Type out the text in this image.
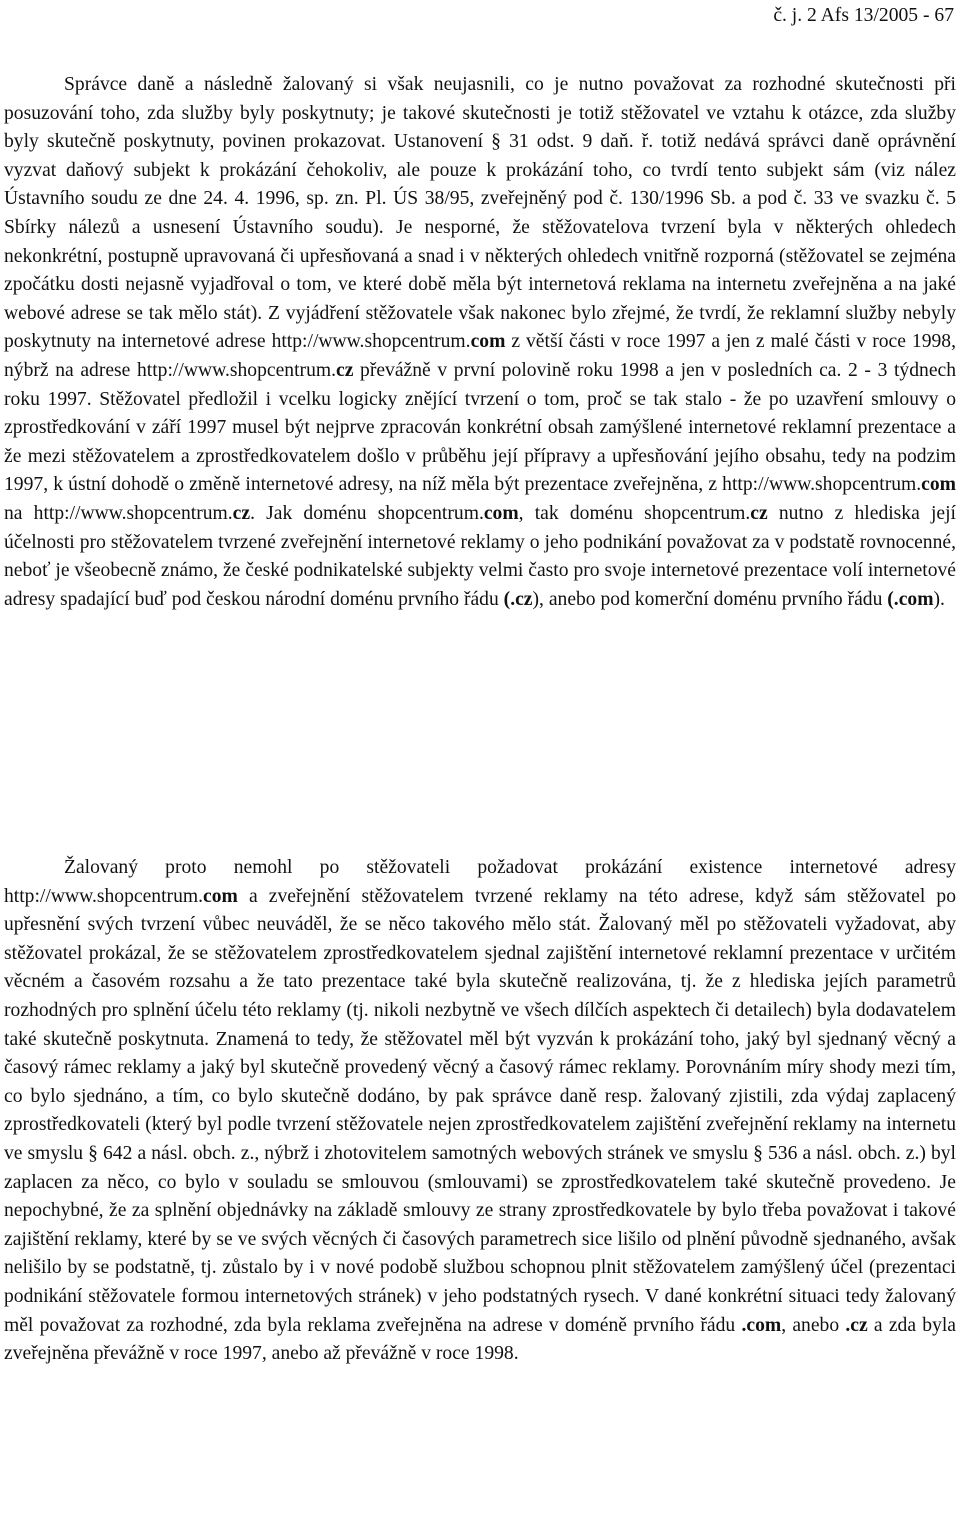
č. j. 2 Afs 13/2005 - 67

Správce daně a následně žalovaný si však neujasnili, co je nutno považovat za rozhodné skutečnosti při posuzování toho, zda služby byly poskytnuty; je takové skutečnosti je totiž stěžovatel ve vztahu k otázce, zda služby byly skutečně poskytnuty, povinen prokazovat. Ustanovení § 31 odst. 9 daň. ř. totiž nedává správci daně oprávnění vyzvat daňový subjekt k prokázání čehokoliv, ale pouze k prokázání toho, co tvrdí tento subjekt sám (viz nález Ústavního soudu ze dne 24. 4. 1996, sp. zn. Pl. ÚS 38/95, zveřejněný pod č. 130/1996 Sb. a pod č. 33 ve svazku č. 5 Sbírky nálezů a usnesení Ústavního soudu). Je nesporné, že stěžovatelova tvrzení byla v některých ohledech nekonkrétní, postupně upravovaná či upřesňovaná a snad i v některých ohledech vnitřně rozporná (stěžovatel se zejména zpočátku dosti nejasně vyjadřoval o tom, ve které době měla být internetová reklama na internetu zveřejněna a na jaké webové adrese se tak mělo stát). Z vyjádření stěžovatele však nakonec bylo zřejmé, že tvrdí, že reklamní služby nebyly poskytnuty na internetové adrese http://www.shopcentrum.com z větší části v roce 1997 a jen z malé části v roce 1998, nýbrž na adrese http://www.shopcentrum.cz převážně v první polovině roku 1998 a jen v posledních ca. 2 - 3 týdnech roku 1997. Stěžovatel předložil i vcelku logicky znějící tvrzení o tom, proč se tak stalo - že po uzavření smlouvy o zprostředkování v září 1997 musel být nejprve zpracován konkrétní obsah zamýšlené internetové reklamní prezentace a že mezi stěžovatelem a zprostředkovatelem došlo v průběhu její přípravy a upřesňování jejího obsahu, tedy na podzim 1997, k ústní dohodě o změně internetové adresy, na níž měla být prezentace zveřejněna, z http://www.shopcentrum.com na http://www.shopcentrum.cz. Jak doménu shopcentrum.com, tak doménu shopcentrum.cz nutno z hlediska její účelnosti pro stěžovatelem tvrzené zveřejnění internetové reklamy o jeho podnikání považovat za v podstatě rovnocenné, neboť je všeobecně známo, že české podnikatelské subjekty velmi často pro svoje internetové prezentace volí internetové adresy spadající buď pod českou národní doménu prvního řádu (.cz), anebo pod komerční doménu prvního řádu (.com).

Žalovaný proto nemohl po stěžovateli požadovat prokázání existence internetové adresy http://www.shopcentrum.com a zveřejnění stěžovatelem tvrzené reklamy na této adrese, když sám stěžovatel po upřesnění svých tvrzení vůbec neuváděl, že se něco takového mělo stát. Žalovaný měl po stěžovateli vyžadovat, aby stěžovatel prokázal, že se stěžovatelem zprostředkovatelem sjednal zajištění internetové reklamní prezentace v určitém věcném a časovém rozsahu a že tato prezentace také byla skutečně realizována, tj. že z hlediska jejích parametrů rozhodných pro splnění účelu této reklamy (tj. nikoli nezbytně ve všech dílčích aspektech či detailech) byla dodavatelem také skutečně poskytnuta. Znamená to tedy, že stěžovatel měl být vyzván k prokázání toho, jaký byl sjednaný věcný a časový rámec reklamy a jaký byl skutečně provedený věcný a časový rámec reklamy. Porovnáním míry shody mezi tím, co bylo sjednáno, a tím, co bylo skutečně dodáno, by pak správce daně resp. žalovaný zjistili, zda výdaj zaplacený zprostředkovateli (který byl podle tvrzení stěžovatele nejen zprostředkovatelem zajištění zveřejnění reklamy na internetu ve smyslu § 642 a násl. obch. z., nýbrž i zhotovitelem samotných webových stránek ve smyslu § 536 a násl. obch. z.) byl zaplacen za něco, co bylo v souladu se smlouvou (smlouvami) se zprostředkovatelem také skutečně provedeno. Je nepochybné, že za splnění objednávky na základě smlouvy ze strany zprostředkovatele by bylo třeba považovat i takové zajištění reklamy, které by se ve svých věcných či časových parametrech sice lišilo od plnění původně sjednaného, avšak nelišilo by se podstatně, tj. zůstalo by i v nové podobě službou schopnou plnit stěžovatelem zamýšlený účel (prezentaci podnikání stěžovatele formou internetových stránek) v jeho podstatných rysech. V dané konkrétní situaci tedy žalovaný měl považovat za rozhodné, zda byla reklama zveřejněna na adrese v doméně prvního řádu .com, anebo .cz a zda byla zveřejněna převážně v roce 1997, anebo až převážně v roce 1998.
